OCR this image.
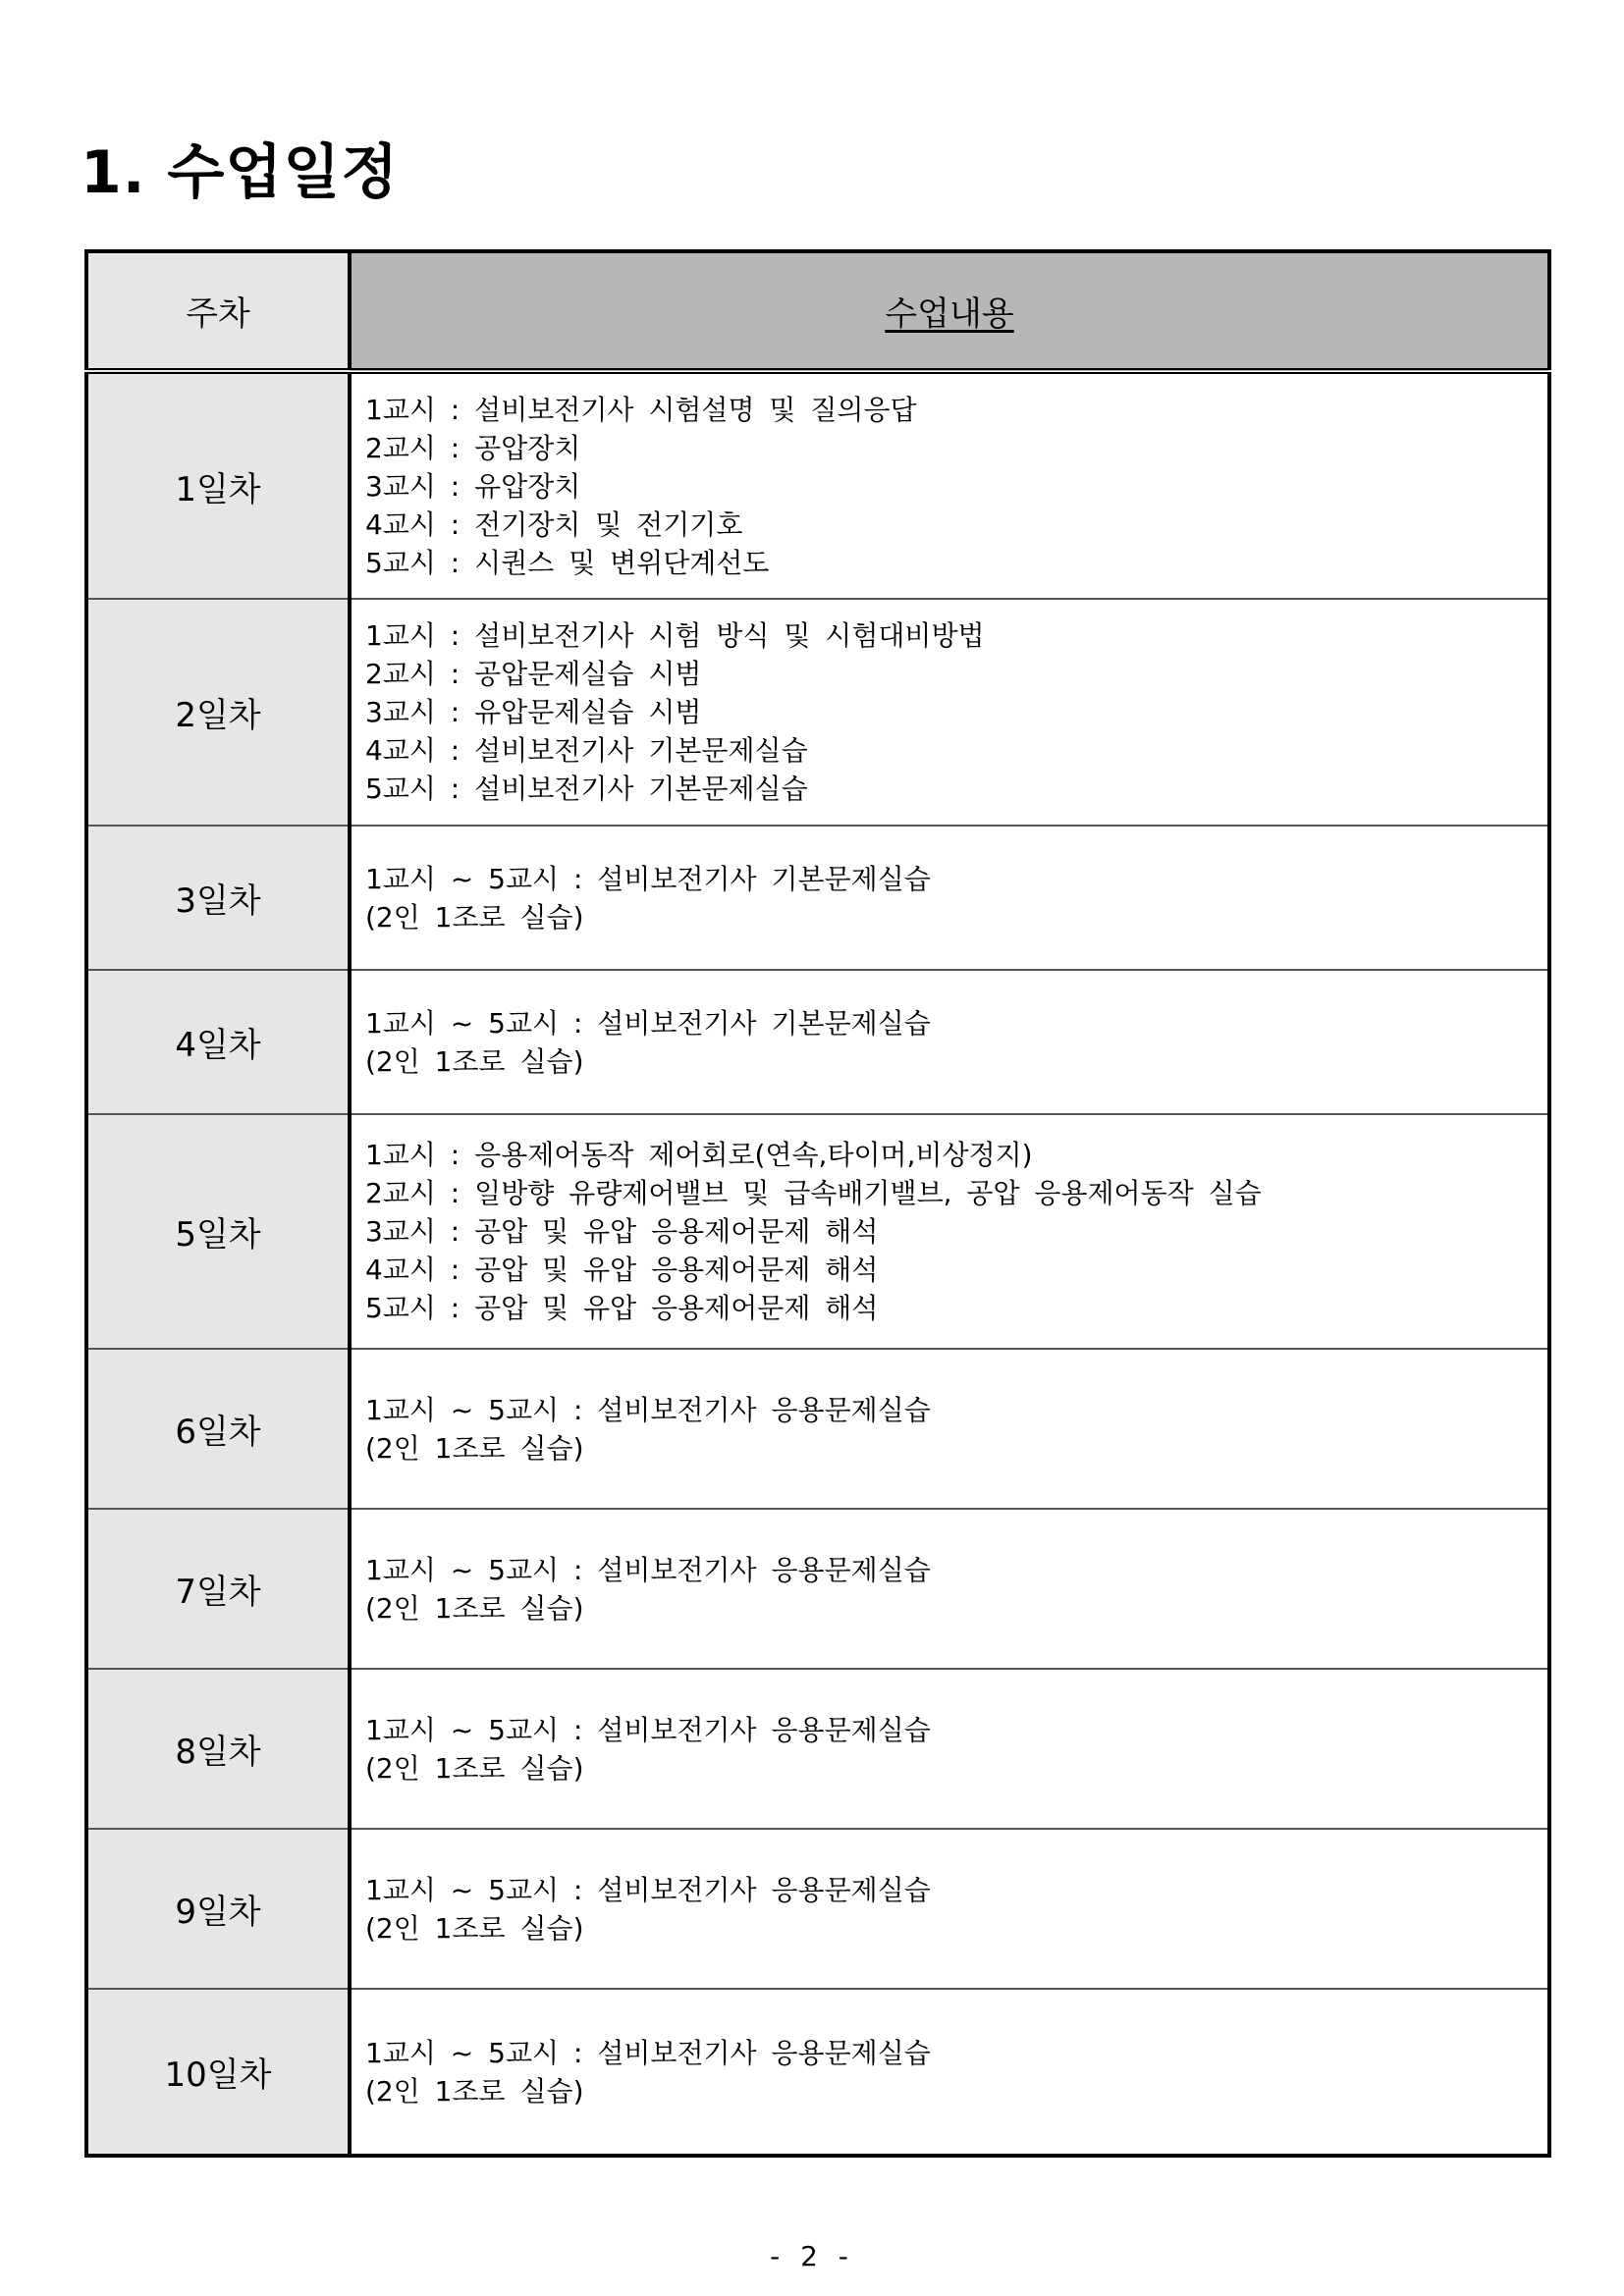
1. 수업일정
주차	수업내용
1일차	1교시 : 설비보전기사 시험설명 및 질의응답
2교시 : 공압장치
3교시 : 유압장치
4교시 : 전기장치 및 전기기호
5교시 : 시퀀스 및 변위단계선도

2일차	1교시 : 설비보전기사 시험 방식 및 시험대비방법
2교시 : 공압문제실습 시범
3교시 : 유압문제실습 시범
4교시 : 설비보전기사 기본문제실습
5교시 : 설비보전기사 기본문제실습

3일차	1교시 ~ 5교시 : 설비보전기사 기본문제실습
(2인 1조로 실습)

4일차	1교시 ~ 5교시 : 설비보전기사 기본문제실습
(2인 1조로 실습)

5일차	1교시 : 응용제어동작 제어회로(연속,타이머,비상정지)
2교시 : 일방향 유량제어밸브 및 급속배기밸브, 공압 응용제어동작 실습
3교시 : 공압 및 유압 응용제어문제 해석
4교시 : 공압 및 유압 응용제어문제 해석
5교시 : 공압 및 유압 응용제어문제 해석

6일차	1교시 ~ 5교시 : 설비보전기사 응용문제실습
(2인 1조로 실습)

7일차	1교시 ~ 5교시 : 설비보전기사 응용문제실습
(2인 1조로 실습)

8일차	1교시 ~ 5교시 : 설비보전기사 응용문제실습
(2인 1조로 실습)

9일차	1교시 ~ 5교시 : 설비보전기사 응용문제실습
(2인 1조로 실습)

10일차	1교시 ~ 5교시 : 설비보전기사 응용문제실습
(2인 1조로 실습)
- 2 -
